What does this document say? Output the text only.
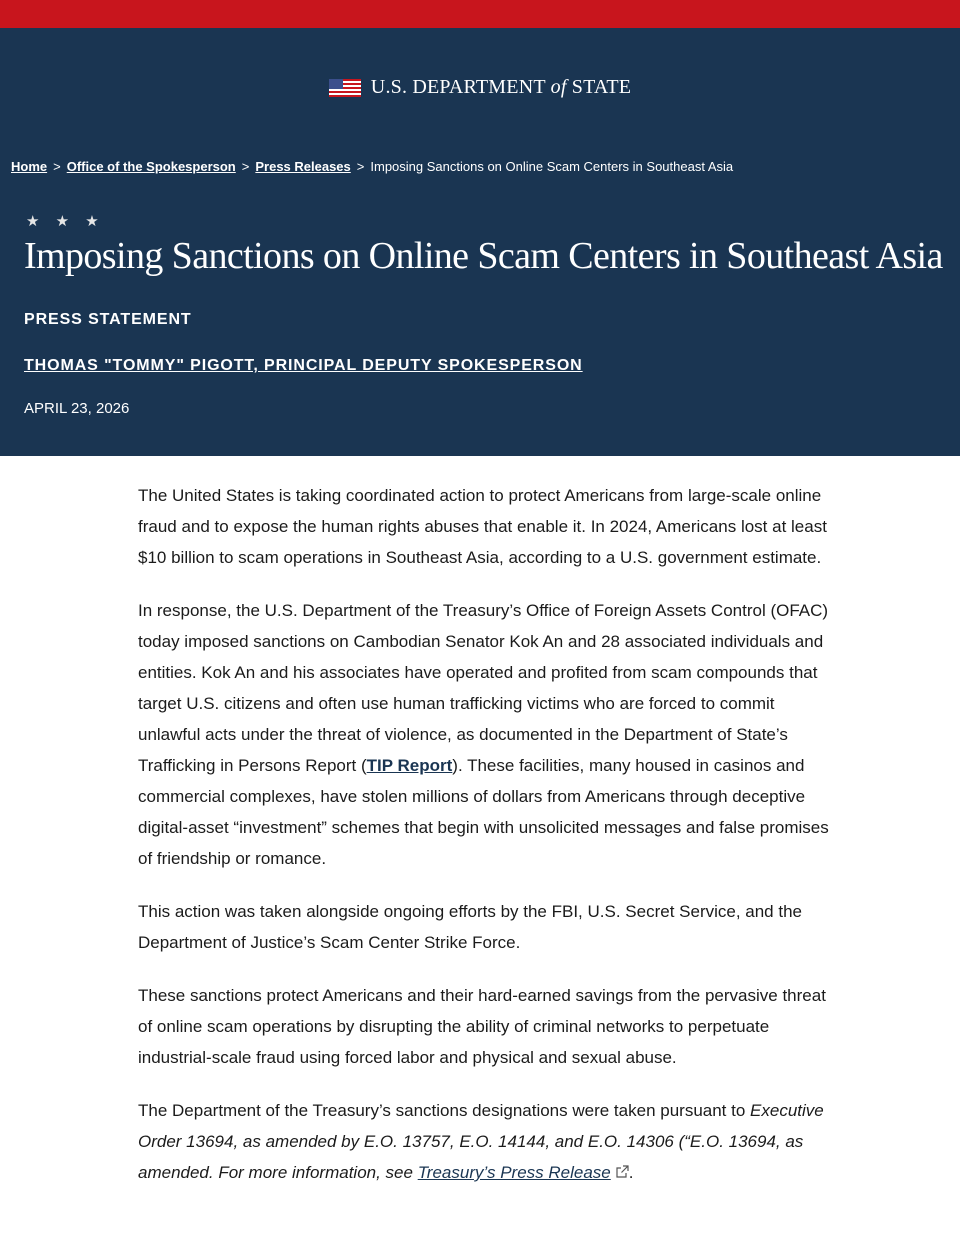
U.S. DEPARTMENT of STATE
Home > Office of the Spokesperson > Press Releases > Imposing Sanctions on Online Scam Centers in Southeast Asia
★ ★ ★
Imposing Sanctions on Online Scam Centers in Southeast Asia
PRESS STATEMENT
THOMAS "TOMMY" PIGOTT, PRINCIPAL DEPUTY SPOKESPERSON
APRIL 23, 2026

The United States is taking coordinated action to protect Americans from large-scale online fraud and to expose the human rights abuses that enable it. In 2024, Americans lost at least $10 billion to scam operations in Southeast Asia, according to a U.S. government estimate.

In response, the U.S. Department of the Treasury’s Office of Foreign Assets Control (OFAC) today imposed sanctions on Cambodian Senator Kok An and 28 associated individuals and entities. Kok An and his associates have operated and profited from scam compounds that target U.S. citizens and often use human trafficking victims who are forced to commit unlawful acts under the threat of violence, as documented in the Department of State’s Trafficking in Persons Report (TIP Report). These facilities, many housed in casinos and commercial complexes, have stolen millions of dollars from Americans through deceptive digital-asset “investment” schemes that begin with unsolicited messages and false promises of friendship or romance.

This action was taken alongside ongoing efforts by the FBI, U.S. Secret Service, and the Department of Justice’s Scam Center Strike Force.

These sanctions protect Americans and their hard-earned savings from the pervasive threat of online scam operations by disrupting the ability of criminal networks to perpetuate industrial-scale fraud using forced labor and physical and sexual abuse.

The Department of the Treasury’s sanctions designations were taken pursuant to Executive Order 13694, as amended by E.O. 13757, E.O. 14144, and E.O. 14306 (“E.O. 13694, as amended. For more information, see Treasury’s Press Release .
